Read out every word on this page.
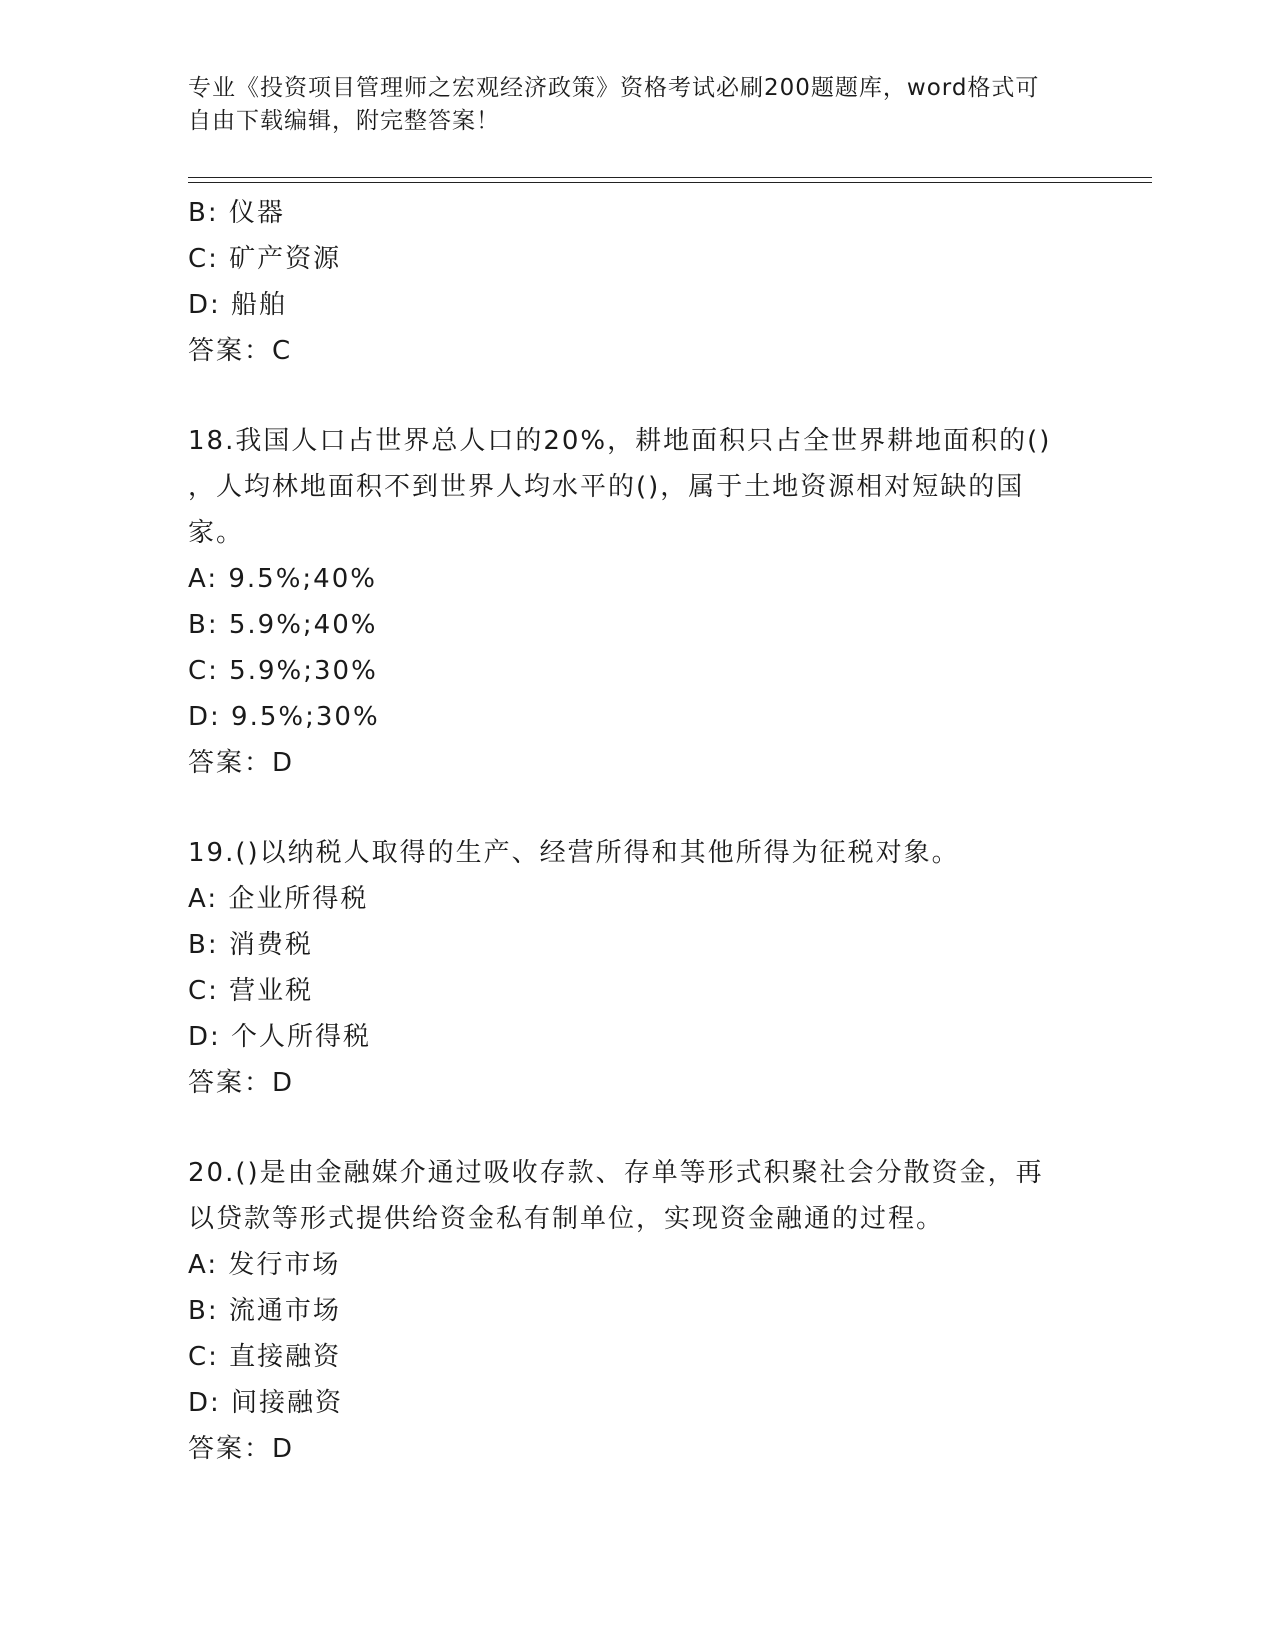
专业《投资项目管理师之宏观经济政策》资格考试必刷200题题库，word格式可
自由下载编辑，附完整答案！
B: 仪器
C: 矿产资源
D: 船舶
答案：C
18.我国人口占世界总人口的20%，耕地面积只占全世界耕地面积的()
，人均林地面积不到世界人均水平的()，属于土地资源相对短缺的国
家。
A: 9.5%;40%
B: 5.9%;40%
C: 5.9%;30%
D: 9.5%;30%
答案：D
19.()以纳税人取得的生产、经营所得和其他所得为征税对象。
A: 企业所得税
B: 消费税
C: 营业税
D: 个人所得税
答案：D
20.()是由金融媒介通过吸收存款、存单等形式积聚社会分散资金，再
以贷款等形式提供给资金私有制单位，实现资金融通的过程。
A: 发行市场
B: 流通市场
C: 直接融资
D: 间接融资
答案：D
